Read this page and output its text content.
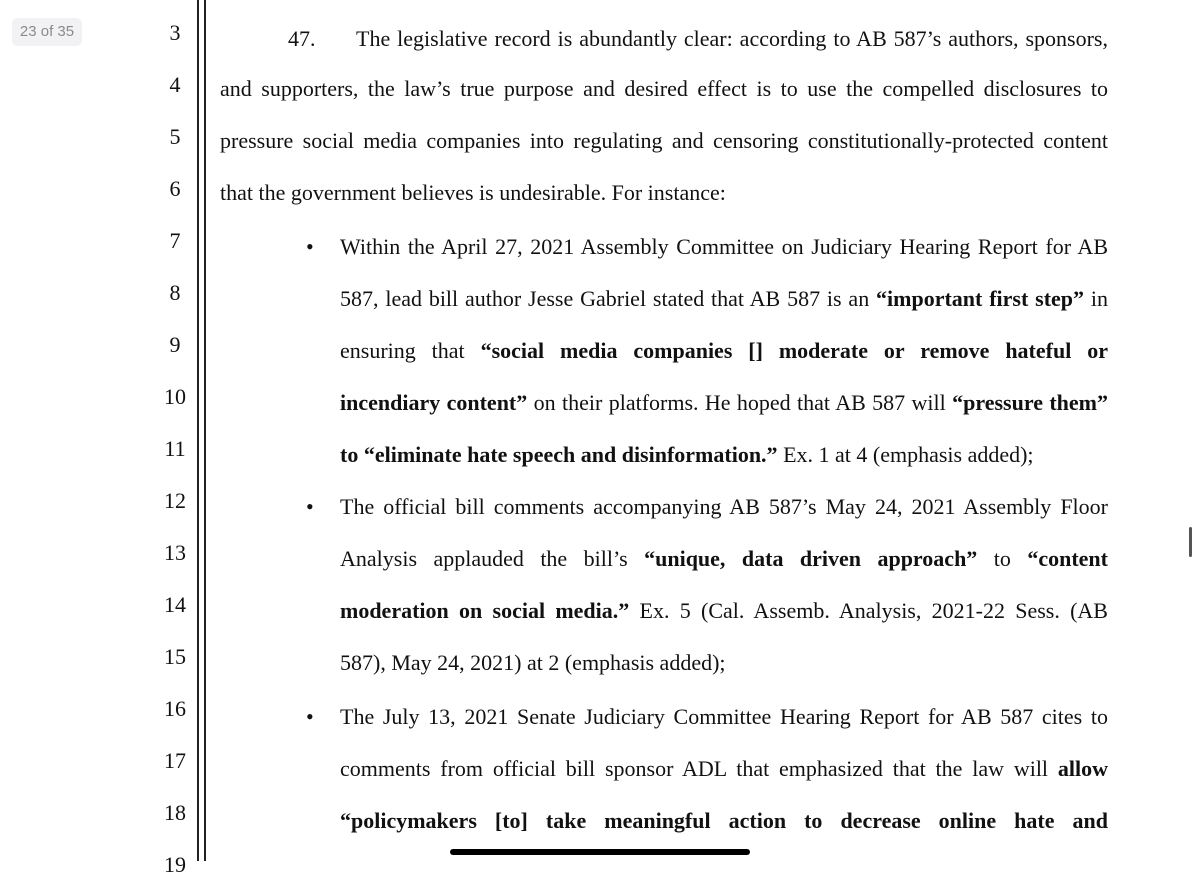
23 of 35	3
4
5
6
7
8
9
10
11
12
13
14
15
16
17
18
19
47.	The legislative record is abundantly clear: according to AB 587’s authors, sponsors,
and supporters, the law’s true purpose and desired effect is to use the compelled disclosures to
pressure social media companies into regulating and censoring constitutionally-protected content
that the government believes is undesirable. For instance:
• Within the April 27, 2021 Assembly Committee on Judiciary Hearing Report for AB
587, lead bill author Jesse Gabriel stated that AB 587 is an “important first step” in
ensuring that “social media companies [] moderate or remove hateful or
incendiary content” on their platforms. He hoped that AB 587 will “pressure them”
to “eliminate hate speech and disinformation.” Ex. 1 at 4 (emphasis added);
• The official bill comments accompanying AB 587’s May 24, 2021 Assembly Floor
Analysis applauded the bill’s “unique, data driven approach” to “content
moderation on social media.” Ex. 5 (Cal. Assemb. Analysis, 2021-22 Sess. (AB
587), May 24, 2021) at 2 (emphasis added);
• The July 13, 2021 Senate Judiciary Committee Hearing Report for AB 587 cites to
comments from official bill sponsor ADL that emphasized that the law will allow
“policymakers [to] take meaningful action to decrease online hate and
